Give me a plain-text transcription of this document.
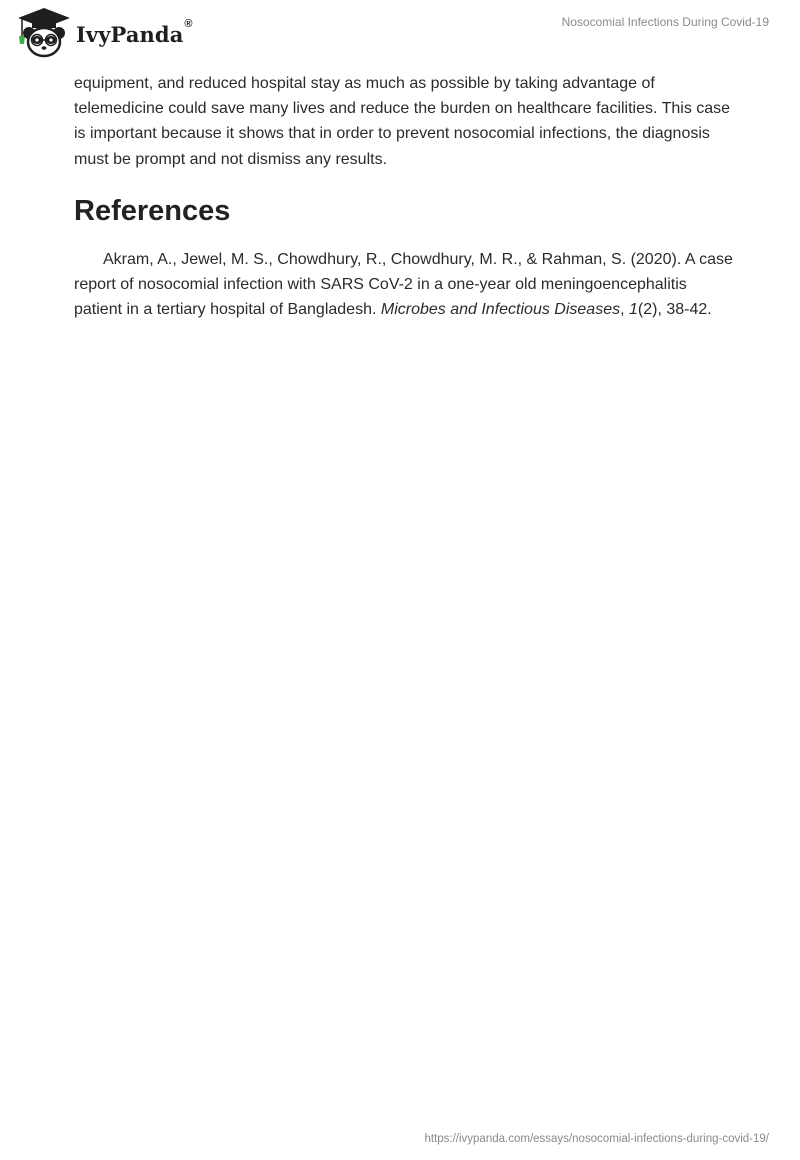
IvyPanda®	Nosocomial Infections During Covid-19

equipment, and reduced hospital stay as much as possible by taking advantage of telemedicine could save many lives and reduce the burden on healthcare facilities. This case is important because it shows that in order to prevent nosocomial infections, the diagnosis must be prompt and not dismiss any results.

References

Akram, A., Jewel, M. S., Chowdhury, R., Chowdhury, M. R., & Rahman, S. (2020). A case report of nosocomial infection with SARS CoV-2 in a one-year old meningoencephalitis patient in a tertiary hospital of Bangladesh. Microbes and Infectious Diseases, 1(2), 38-42.

https://ivypanda.com/essays/nosocomial-infections-during-covid-19/
